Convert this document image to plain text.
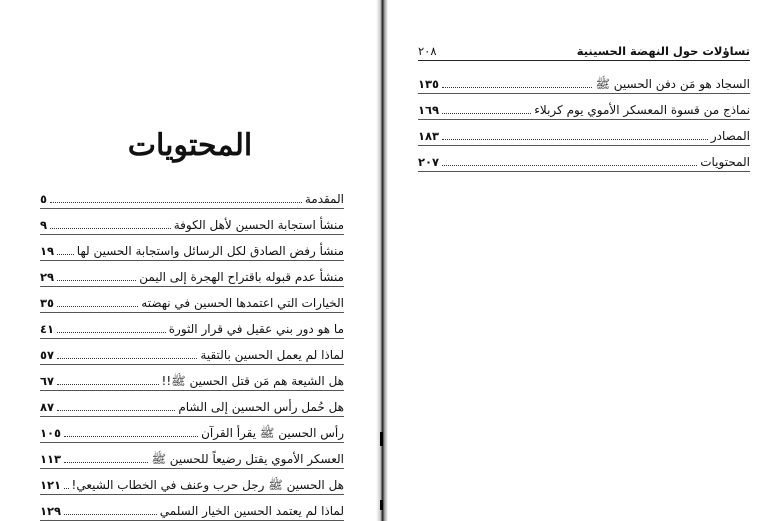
المحتويات
المقدمة
٥
منشأ استجابة الحسين لأهل الكوفة
٩
منشأ رفض الصادق لكل الرسائل واستجابة الحسين لها
١٩
منشأ عدم قبوله باقتراح الهجرة إلى اليمن
٢٩
الخيارات التي اعتمدها الحسين في نهضته
٣٥
ما هو دور بني عقيل في قرار الثورة
٤١
لماذا لم يعمل الحسين بالتقية
٥٧
هل الشيعة هم مَن قتل الحسين ﷺ!!
٦٧
هل حُمل رأس الحسين إلى الشام
٨٧
رأس الحسين ﷺ يقرأ القرآن
١٠٥
العسكر الأموي يقتل رضيعاً للحسين ﷺ
١١٣
هل الحسين ﷺ رجل حرب وعنف في الخطاب الشيعي!
١٢١
لماذا لم يعتمد الحسين الخيار السلمي
١٢٩
تساؤلات حول النهضة الحسينية
٢٠٨
السجاد هو مَن دفن الحسين ﷺ
١٣٥
نماذج من قسوة المعسكر الأموي يوم كربلاء
١٦٩
المصادر
١٨٣
المحتويات
٢٠٧
